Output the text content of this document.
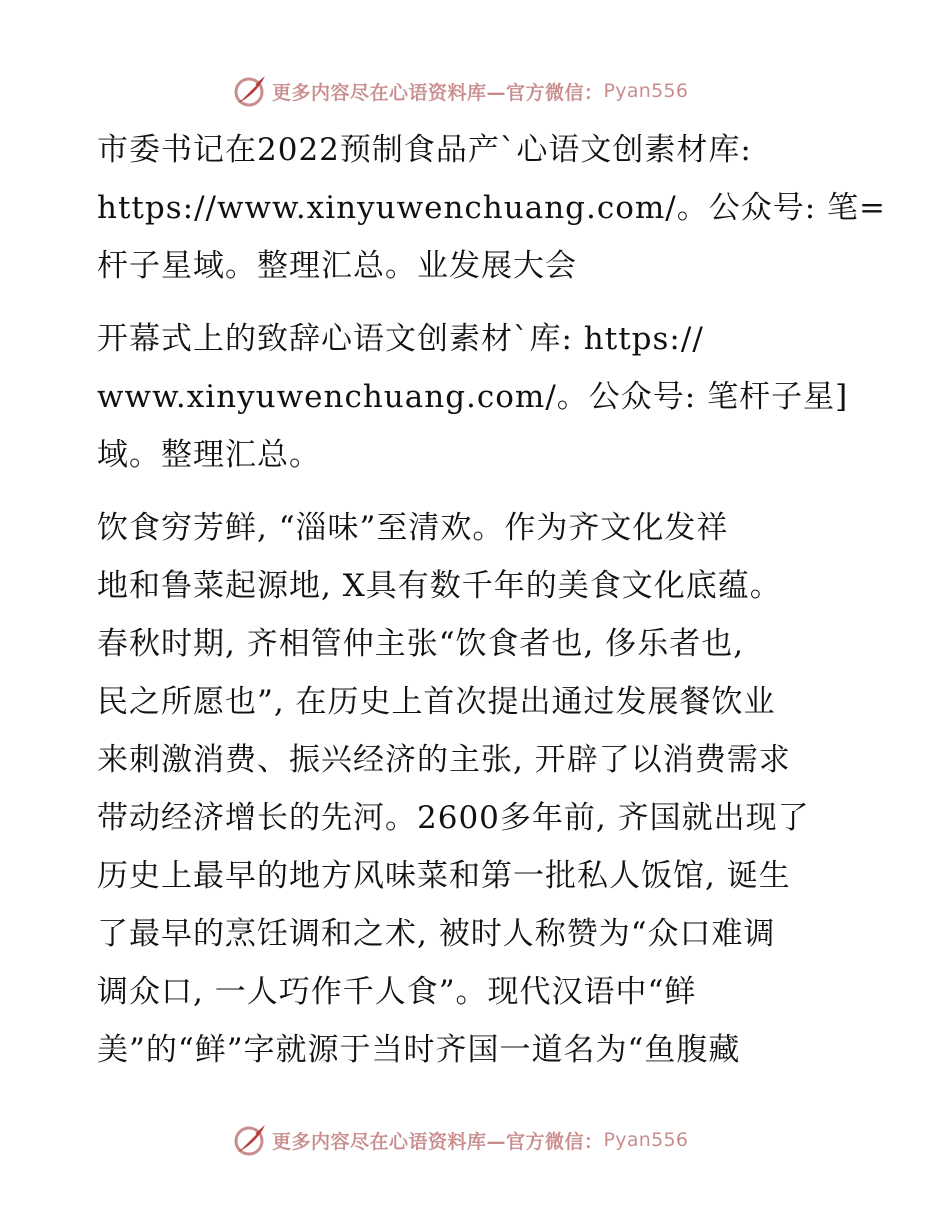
更多内容尽在心语资料库—官方微信： Pyan556

市委书记在2022预制食品产`心语文创素材库:
https://www.xinyuwenchuang.com/。公众号: 笔=
杆子星域。整理汇总。业发展大会

开幕式上的致辞心语文创素材`库: https://
www.xinyuwenchuang.com/。公众号: 笔杆子星]
域。整理汇总。

饮食穷芳鲜, “淄味”至清欢。作为齐文化发祥
地和鲁菜起源地, X具有数千年的美食文化底蕴。
春秋时期, 齐相管仲主张“饮食者也, 侈乐者也,
民之所愿也”, 在历史上首次提出通过发展餐饮业
来刺激消费、振兴经济的主张, 开辟了以消费需求
带动经济增长的先河。2600多年前, 齐国就出现了
历史上最早的地方风味菜和第一批私人饭馆, 诞生
了最早的烹饪调和之术, 被时人称赞为“众口难调
调众口, 一人巧作千人食”。现代汉语中“鲜
美”的“鲜”字就源于当时齐国一道名为“鱼腹藏

更多内容尽在心语资料库—官方微信： Pyan556
